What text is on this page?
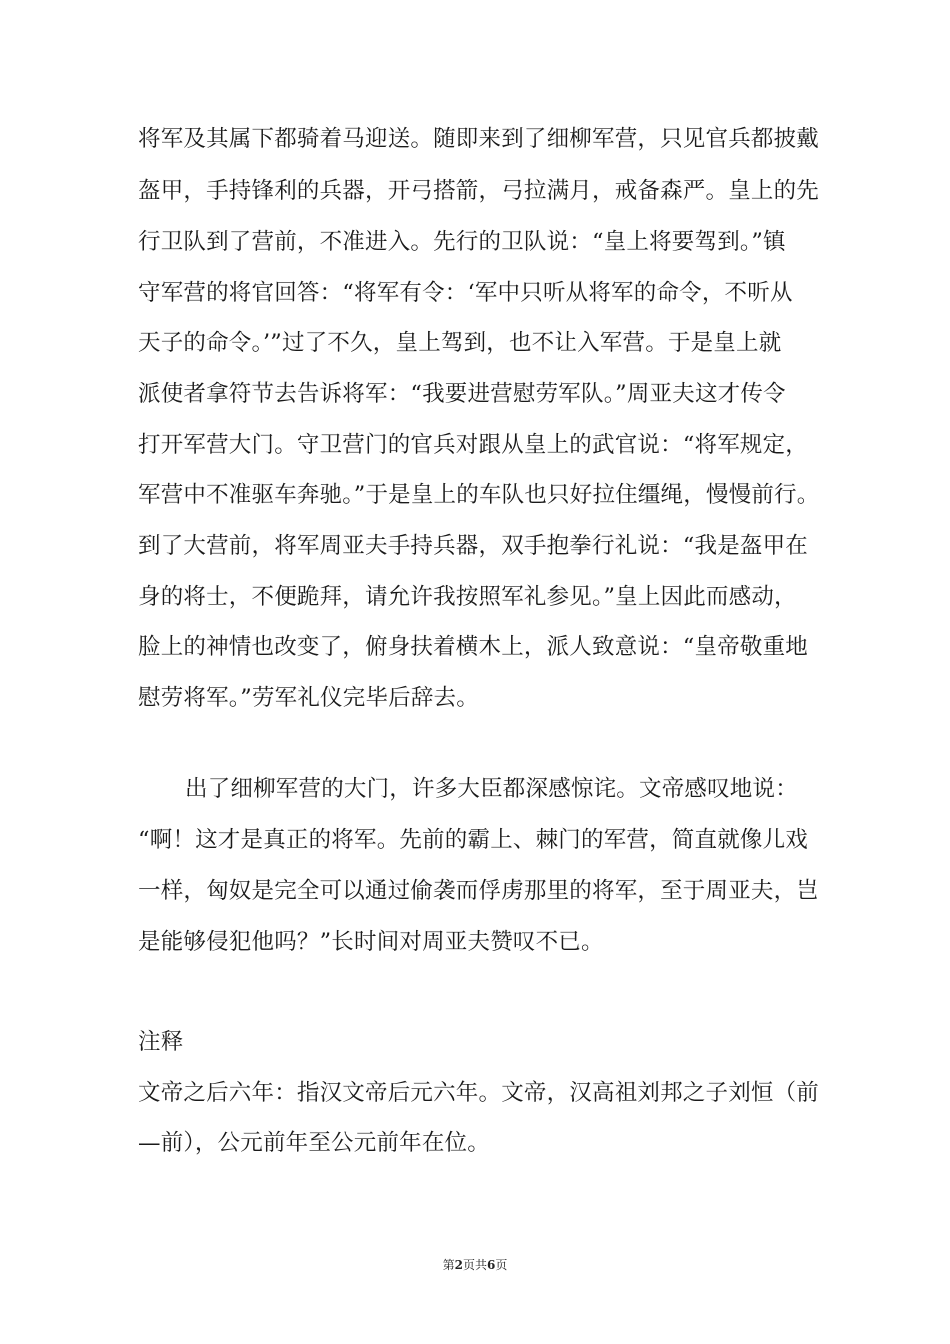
将军及其属下都骑着马迎送。随即来到了细柳军营，只见官兵都披戴
盔甲，手持锋利的兵器，开弓搭箭，弓拉满月，戒备森严。皇上的先
行卫队到了营前，不准进入。先行的卫队说：“皇上将要驾到。”镇
守军营的将官回答：“将军有令：‘军中只听从将军的命令，不听从
天子的命令。’”过了不久，皇上驾到，也不让入军营。于是皇上就
派使者拿符节去告诉将军：“我要进营慰劳军队。”周亚夫这才传令
打开军营大门。守卫营门的官兵对跟从皇上的武官说：“将军规定，
军营中不准驱车奔驰。”于是皇上的车队也只好拉住缰绳，慢慢前行。
到了大营前，将军周亚夫手持兵器，双手抱拳行礼说：“我是盔甲在
身的将士，不便跪拜，请允许我按照军礼参见。”皇上因此而感动，
脸上的神情也改变了，俯身扶着横木上，派人致意说：“皇帝敬重地
慰劳将军。”劳军礼仪完毕后辞去。
出了细柳军营的大门，许多大臣都深感惊诧。文帝感叹地说：
“啊！这才是真正的将军。先前的霸上、棘门的军营，简直就像儿戏
一样，匈奴是完全可以通过偷袭而俘虏那里的将军，至于周亚夫，岂
是能够侵犯他吗？”长时间对周亚夫赞叹不已。
注释
文帝之后六年：指汉文帝后元六年。文帝，汉高祖刘邦之子刘恒（前
—前），公元前年至公元前年在位。
第2页共6页
